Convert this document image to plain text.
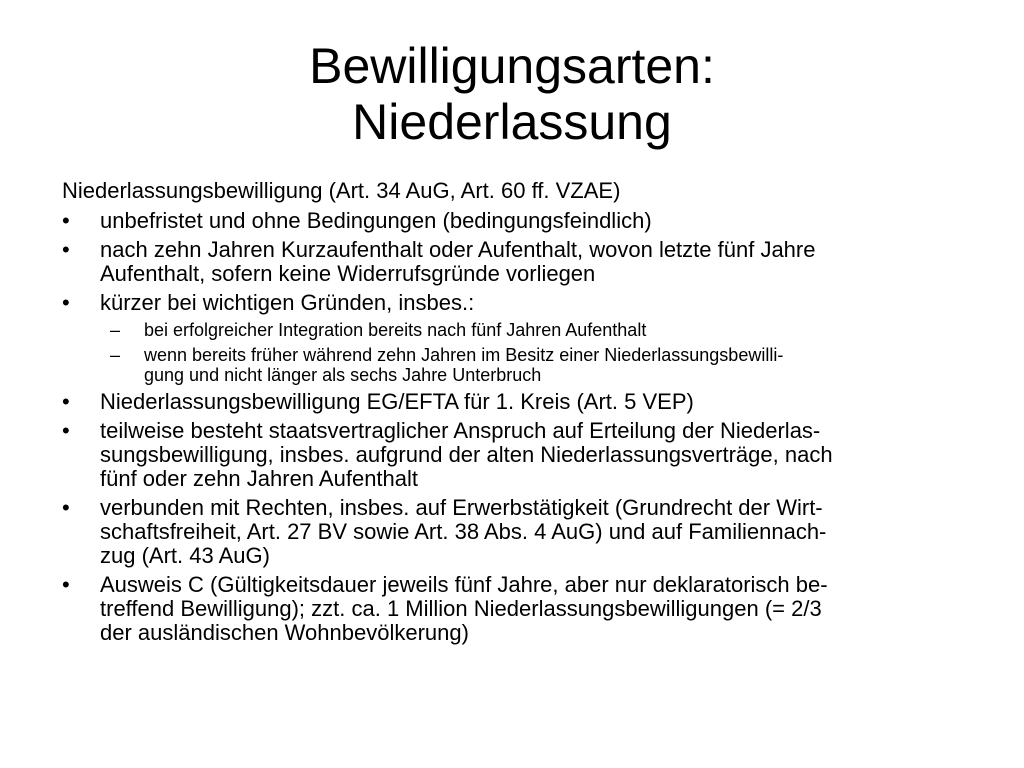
Bewilligungsarten:
Niederlassung
Niederlassungsbewilligung (Art. 34 AuG, Art. 60 ff. VZAE)
• unbefristet und ohne Bedingungen (bedingungsfeindlich)
• nach zehn Jahren Kurzaufenthalt oder Aufenthalt, wovon letzte fünf Jahre
Aufenthalt, sofern keine Widerrufsgründe vorliegen
• kürzer bei wichtigen Gründen, insbes.:
– bei erfolgreicher Integration bereits nach fünf Jahren Aufenthalt
– wenn bereits früher während zehn Jahren im Besitz einer Niederlassungsbewilli-
gung und nicht länger als sechs Jahre Unterbruch
• Niederlassungsbewilligung EG/EFTA für 1. Kreis (Art. 5 VEP)
• teilweise besteht staatsvertraglicher Anspruch auf Erteilung der Niederlas-
sungsbewilligung, insbes. aufgrund der alten Niederlassungsverträge, nach
fünf oder zehn Jahren Aufenthalt
• verbunden mit Rechten, insbes. auf Erwerbstätigkeit (Grundrecht der Wirt-
schaftsfreiheit, Art. 27 BV sowie Art. 38 Abs. 4 AuG) und auf Familiennach-
zug (Art. 43 AuG)
• Ausweis C (Gültigkeitsdauer jeweils fünf Jahre, aber nur deklaratorisch be-
treffend Bewilligung); zzt. ca. 1 Million Niederlassungsbewilligungen (= 2/3
der ausländischen Wohnbevölkerung)
